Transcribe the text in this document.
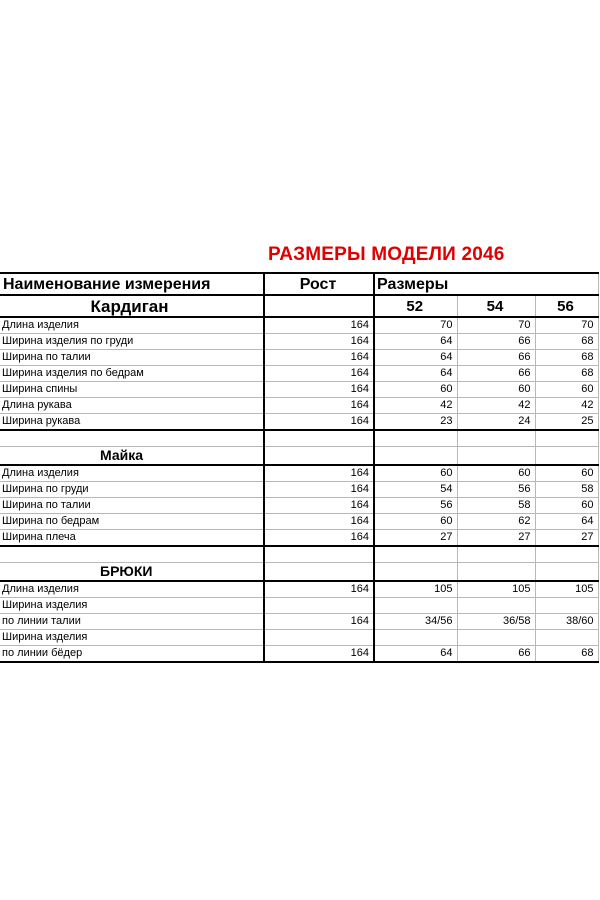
РАЗМЕРЫ МОДЕЛИ 2046
Наименование измерения	Рост	Размеры		
Кардиган		52	54	56
Длина изделия	164	70	70	70
Ширина изделия по груди	164	64	66	68
Ширина по талии	164	64	66	68
Ширина изделия по бедрам	164	64	66	68
Ширина спины	164	60	60	60
Длина рукава	164	42	42	42
Ширина рукава	164	23	24	25

Майка				
Длина изделия	164	60	60	60
Ширина по груди	164	54	56	58
Ширина по талии	164	56	58	60
Ширина по бедрам	164	60	62	64
Ширина плеча	164	27	27	27

БРЮКИ				
Длина изделия	164	105	105	105
Ширина изделия				
по линии талии	164	34/56	36/58	38/60
Ширина изделия				
по линии бёдер	164	64	66	68
